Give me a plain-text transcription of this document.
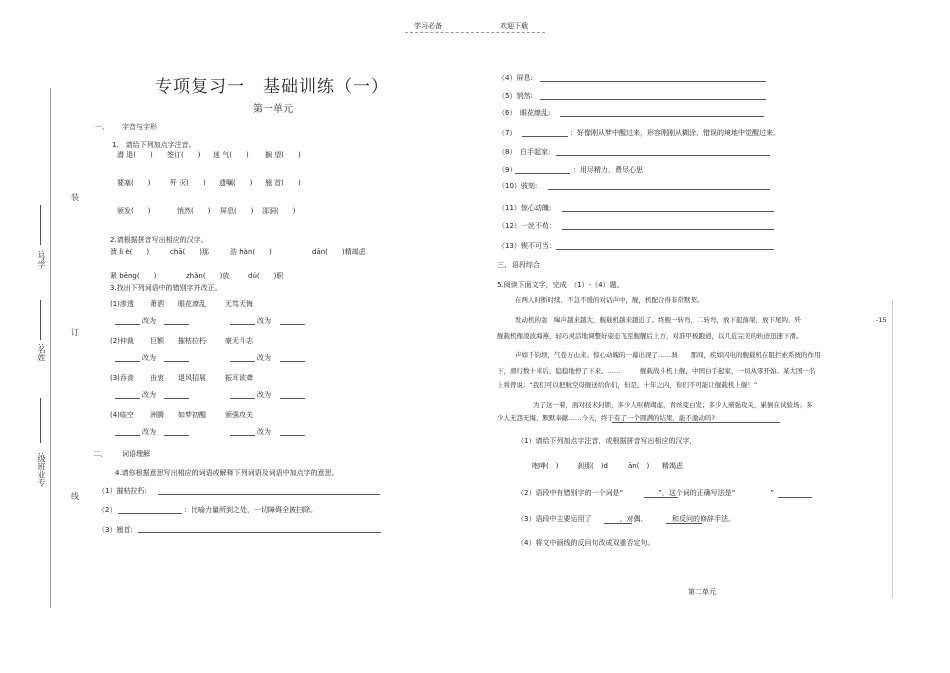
学习必备	欢迎下载
装
订
线
:号学
:名姓
:级班业专
专项复习一　基础训练（一）
第一单元
一、 字音与字形
1.　请给下列加点字注音。
潜 退(　　) 签订(　　) 迷 气(　　) 搁 望(　　)
要塞(　　)	歼 灭(　　) 遗嘱(　　) 翘 首(　　)
颁发(　　)	悄然(　　) 屏息(　　) 邵洞(　　)
2.请根据拼音写出相应的汉字。
溃 lì è(　　)	chā(　　)那	浩 hàn(　　)	dān(　　)精竭虑
紧 bēng(　　)	zhǎn(　　)放	dú(　　)职
3.找出下列词语中的错别字并改正。
(1)渗透 萧洒 眼花潦乱	无笃无悔
改为	改为
(2)仲裁 巨额 摧枯拉朽	豪无斗志
改为	改为
(3)吞食 由衷 退风招展	振耳欲聋
改为	改为
(4)临空 洲腾 如梦初醒	颁强攻关
改为	改为
二、 词语理解
4.请你根据意思写出相应的词语或解释下列词语及词语中加点字的意思。
（1）摧枯拉朽:
（2）	：比喻力量所到之处，一切障碍全被扫除。
（3）翘首:
（4）屏息:
（5）悄然:
（6）　眼花缭乱:
（7）　	：好像刚从梦中醒过来，形容刚刚从糊涂、错误的境地中觉醒过来。
（8）　白手起家:
（9）	：用尽精力，费尽心思
（10）骇刻:
（11）惊心动魄:
（12）一丝不苟：
（13）锲不可当：
三、 语段综合
5.阅读下面文字，完成　（1）-（4）题。
在两人时断时续、不急不缓的对话声中，舰，机配合得非常默契。
发动机的轰　嗥声越来越大，舰载机越来越近了。终舰一转弯，二转弯，放下起落架，放下尾钩，歼	-15
舰载机像凌波海燕，轻巧灵活地调整好姿态飞至舰艉后上方，对准甲板跑道，以几近完美的轨迹迅速下滑。
声如千钧坝，气卷万山来。惊心动魄的一幕出现了……刹　　那间，疾如闪电的舰载机在阻拦索系统的作用
下，滑行数十米后，稳稳地停了下来。……　　　舰载战斗机上舰，中国白手起家，一切从零开始。某大国一名
上将曾说：“我们可以把航空母舰送给你们，但是，十年之内，你们不可能让舰载机上舰！”
为了这一着，面对技术封锁，多少人呕精竭虑，青丝变白发；多少人颁强攻关，累倒在试验场；多
少人无怨无悔、默默奉献……今天，终于有了一个圆满的结果，能不激动吗?
（1）请给下列加点字注音，或根据拼音写出相应的汉字，
咆哮(　)	刹那(　)d	ān(　) 精竭虑
（2）语段中有错别字的一个词是“　　　　　”，这个词的正确写法是“　　　　　”
（3）语段中主要运用了　　　　、对偶、　　　　和反问的修辞手法。
（4）将文中画线的反问句改成双重否定句。
第二单元
